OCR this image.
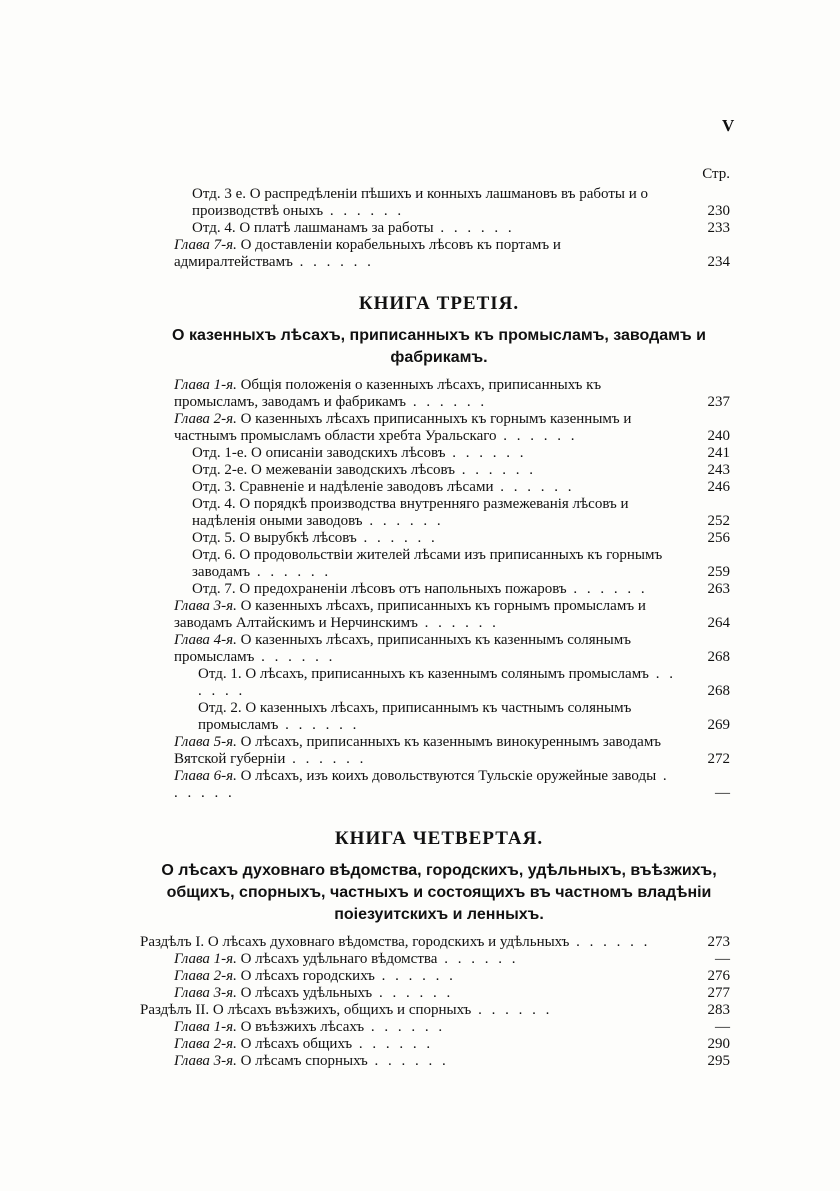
V
Стр.
Отд. 3 е. О распредѣленіи пѣшихъ и конныхъ лашмановъ въ работы и о производствѣ оныхъ . . . . . .	230
Отд. 4. О платѣ лашманамъ за работы . . . . . .	233
Глава 7-я. О доставленіи корабельныхъ лѣсовъ къ портамъ и адмиралтействамъ . . . . . .	234
КНИГА ТРЕТІЯ.

О казенныхъ лѣсахъ, приписанныхъ къ промысламъ, заводамъ и фабрикамъ.

Глава 1-я. Общія положенія о казенныхъ лѣсахъ, приписанныхъ къ промысламъ, заводамъ и фабрикамъ . . . . . .	237
Глава 2-я. О казенныхъ лѣсахъ приписанныхъ къ горнымъ казеннымъ и частнымъ промысламъ области хребта Уральскаго . . . . . .	240
Отд. 1-е. О описаніи заводскихъ лѣсовъ . . . . . .	241
Отд. 2-е. О межеваніи заводскихъ лѣсовъ . . . . . .	243
Отд. 3. Сравненіе и надѣленіе заводовъ лѣсами . . . . . .	246
Отд. 4. О порядкѣ производства внутренняго размежеванія лѣсовъ и надѣленія оными заводовъ . . . . . .	252
Отд. 5. О вырубкѣ лѣсовъ . . . . . .	256
Отд. 6. О продовольствіи жителей лѣсами изъ приписанныхъ къ горнымъ заводамъ . . . . . .	259
Отд. 7. О предохраненіи лѣсовъ отъ напольныхъ пожаровъ . . . . . .	263
Глава 3-я. О казенныхъ лѣсахъ, приписанныхъ къ горнымъ промысламъ и заводамъ Алтайскимъ и Нерчинскимъ . . . . . .	264
Глава 4-я. О казенныхъ лѣсахъ, приписанныхъ къ казеннымъ солянымъ промысламъ . . . . . .	268
Отд. 1. О лѣсахъ, приписанныхъ къ казеннымъ солянымъ промысламъ . . . . . .	268
Отд. 2. О казенныхъ лѣсахъ, приписаннымъ къ частнымъ солянымъ промысламъ . . . . . .	269
Глава 5-я. О лѣсахъ, приписанныхъ къ казеннымъ винокуреннымъ заводамъ Вятской губерніи . . . . . .	272
Глава 6-я. О лѣсахъ, изъ коихъ довольствуются Тульскіе оружейные заводы . . . . . .	—
КНИГА ЧЕТВЕРТАЯ.

О лѣсахъ духовнаго вѣдомства, городскихъ, удѣльныхъ, въѣзжихъ, общихъ, спорныхъ, частныхъ и состоящихъ въ частномъ владѣніи поіезуитскихъ и ленныхъ.

Раздѣлъ I. О лѣсахъ духовнаго вѣдомства, городскихъ и удѣльныхъ . . . . . .	273
Глава 1-я. О лѣсахъ удѣльнаго вѣдомства . . . . . .	—
Глава 2-я. О лѣсахъ городскихъ . . . . . .	276
Глава 3-я. О лѣсахъ удѣльныхъ . . . . . .	277
Раздѣлъ II. О лѣсахъ въѣзжихъ, общихъ и спорныхъ . . . . . .	283
Глава 1-я. О въѣзжихъ лѣсахъ . . . . . .	—
Глава 2-я. О лѣсахъ общихъ . . . . . .	290
Глава 3-я. О лѣсамъ спорныхъ . . . . . .	295
